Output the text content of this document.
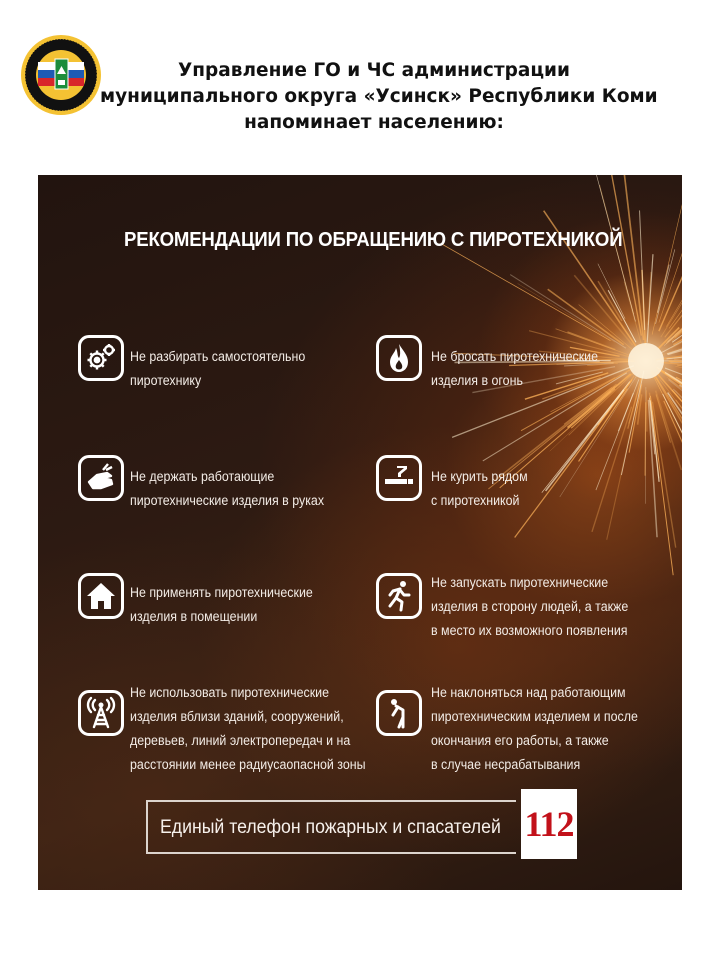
Управление ГО и ЧС администрации
муниципального округа «Усинск» Республики Коми
напоминает населению:
РЕКОМЕНДАЦИИ ПО ОБРАЩЕНИЮ С ПИРОТЕХНИКОЙ
Не разбирать самостоятельно
пиротехнику
Не бросать пиротехнические
изделия в огонь
Не держать работающие
пиротехнические изделия в руках
Не курить рядом
с пиротехникой
Не применять пиротехнические
изделия в помещении
Не запускать пиротехнические
изделия в сторону людей, а также
в место их возможного появления
Не использовать пиротехнические
изделия вблизи зданий, сооружений,
деревьев, линий электропередач и на
расстоянии менее радиусаопасной зоны
Не наклоняться над работающим
пиротехническим изделием и после
окончания его работы, а также
в случае несрабатывания
Единый телефон пожарных и спасателей 112
